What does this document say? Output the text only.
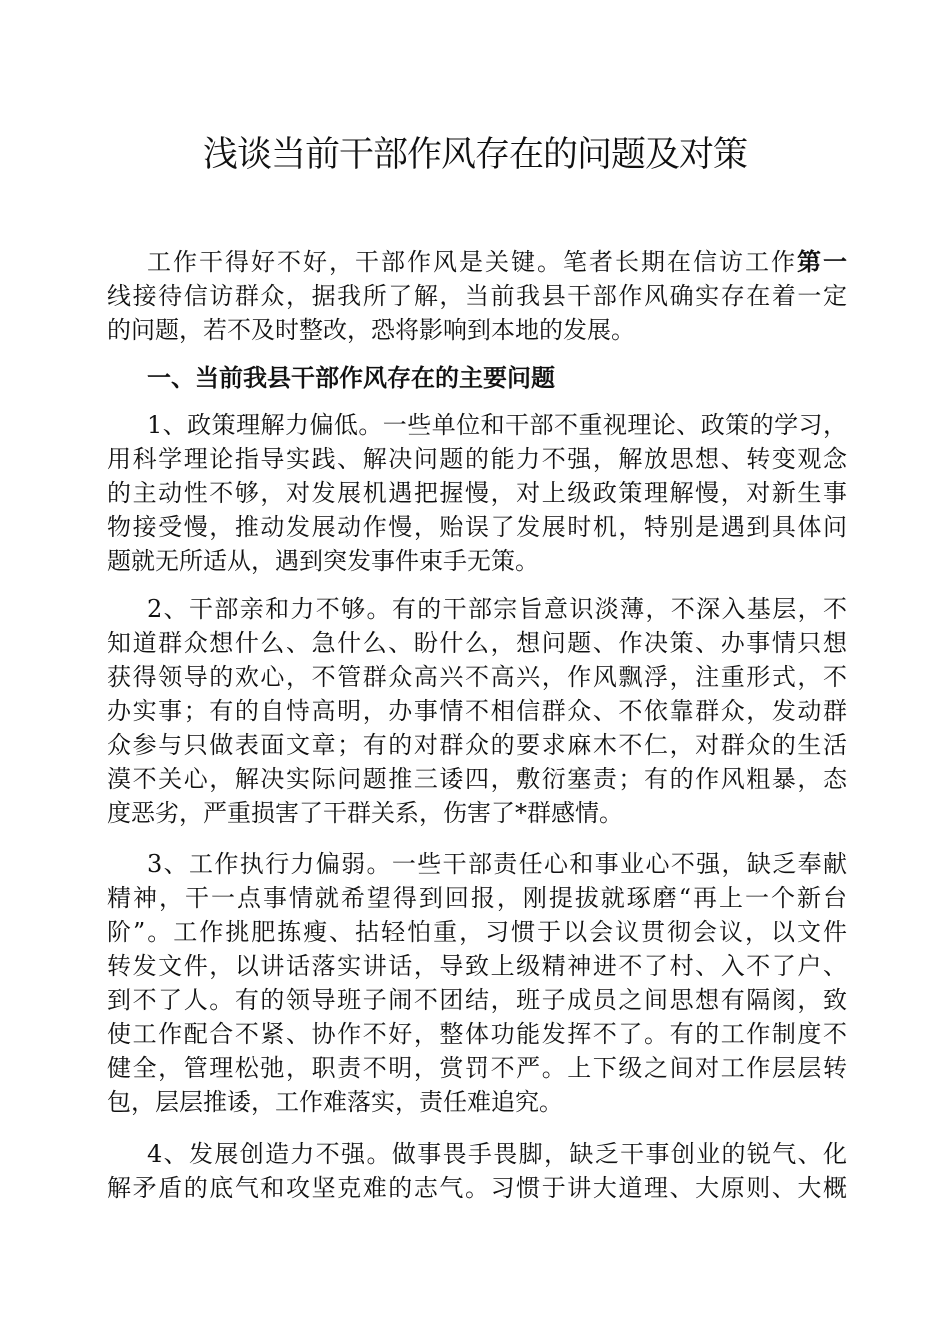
浅谈当前干部作风存在的问题及对策
工作干得好不好，干部作风是关键。笔者长期在信访工作第一
线接待信访群众，据我所了解，当前我县干部作风确实存在着一定
的问题，若不及时整改，恐将影响到本地的发展。
一、当前我县干部作风存在的主要问题
1、政策理解力偏低。一些单位和干部不重视理论、政策的学习，
用科学理论指导实践、解决问题的能力不强，解放思想、转变观念
的主动性不够，对发展机遇把握慢，对上级政策理解慢，对新生事
物接受慢，推动发展动作慢，贻误了发展时机，特别是遇到具体问
题就无所适从，遇到突发事件束手无策。
2、干部亲和力不够。有的干部宗旨意识淡薄，不深入基层，不
知道群众想什么、急什么、盼什么，想问题、作决策、办事情只想
获得领导的欢心，不管群众高兴不高兴，作风飘浮，注重形式，不
办实事；有的自恃高明，办事情不相信群众、不依靠群众，发动群
众参与只做表面文章；有的对群众的要求麻木不仁，对群众的生活
漠不关心，解决实际问题推三诿四，敷衍塞责；有的作风粗暴，态
度恶劣，严重损害了干群关系，伤害了*群感情。
3、工作执行力偏弱。一些干部责任心和事业心不强，缺乏奉献
精神，干一点事情就希望得到回报，刚提拔就琢磨“再上一个新台
阶”。工作挑肥拣瘦、拈轻怕重，习惯于以会议贯彻会议，以文件
转发文件，以讲话落实讲话，导致上级精神进不了村、入不了户、
到不了人。有的领导班子闹不团结，班子成员之间思想有隔阂，致
使工作配合不紧、协作不好，整体功能发挥不了。有的工作制度不
健全，管理松弛，职责不明，赏罚不严。上下级之间对工作层层转
包，层层推诿，工作难落实，责任难追究。
4、发展创造力不强。做事畏手畏脚，缺乏干事创业的锐气、化
解矛盾的底气和攻坚克难的志气。习惯于讲大道理、大原则、大概
